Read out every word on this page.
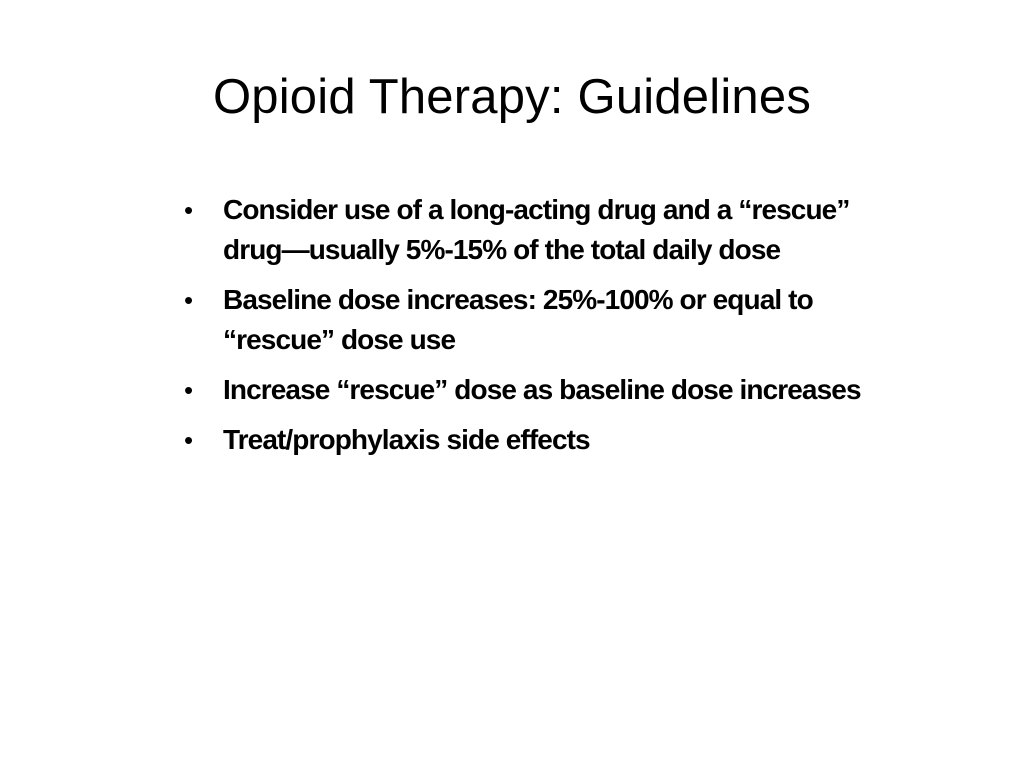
Opioid Therapy: Guidelines
•	Consider use of a long-acting drug and a “rescue” drug—usually 5%-15% of the total daily dose
•	Baseline dose increases: 25%-100% or equal to “rescue” dose use
•	Increase “rescue” dose as baseline dose increases
•	Treat/prophylaxis side effects
